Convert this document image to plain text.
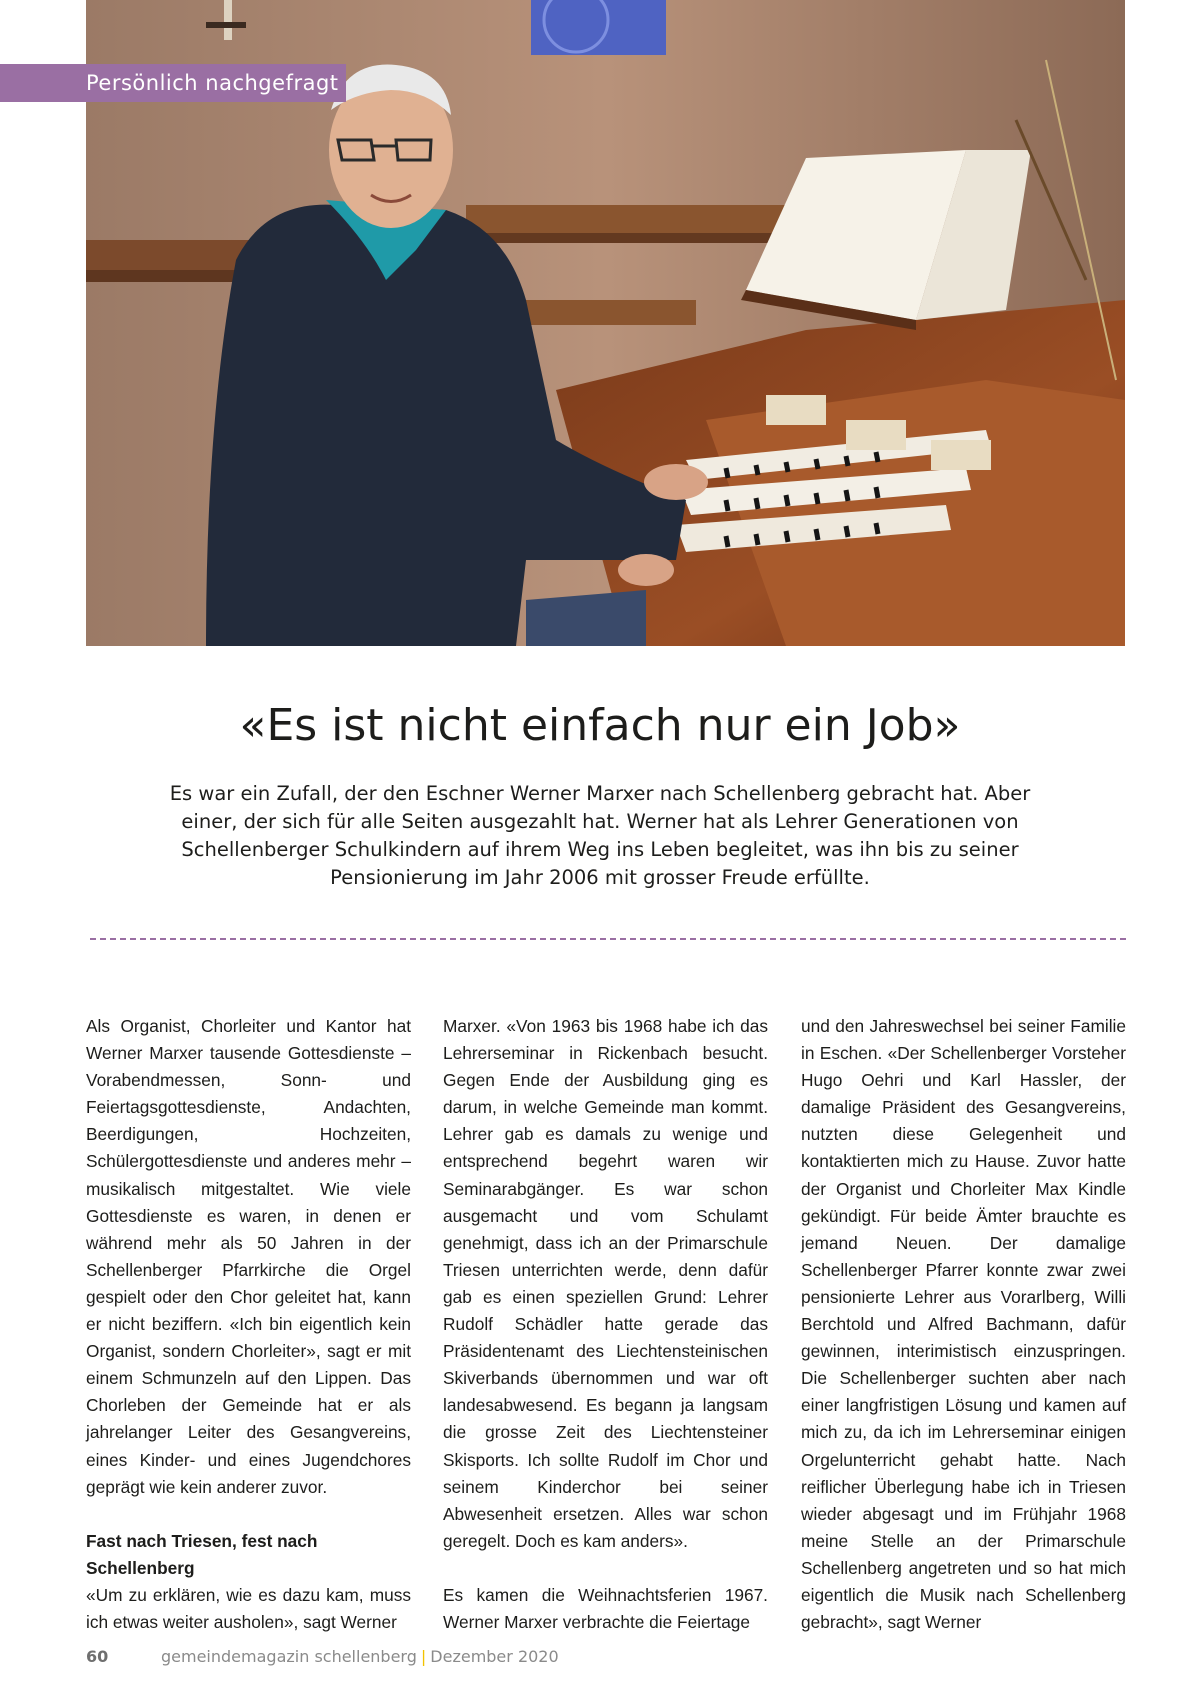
Persönlich nachgefragt
«Es ist nicht einfach nur ein Job»

Es war ein Zufall, der den Eschner Werner Marxer nach Schellenberg gebracht hat. Aber einer, der sich für alle Seiten ausgezahlt hat. Werner hat als Lehrer Generationen von Schellenberger Schulkindern auf ihrem Weg ins Leben begleitet, was ihn bis zu seiner Pensionierung im Jahr 2006 mit grosser Freude erfüllte.

Als Organist, Chorleiter und Kantor hat Werner Marxer tausende Gottesdienste – Vorabendmessen, Sonn- und Feiertagsgottesdienste, Andachten, Beerdigungen, Hochzeiten, Schülergottesdienste und anderes mehr – musikalisch mitgestaltet. Wie viele Gottesdienste es waren, in denen er während mehr als 50 Jahren in der Schellenberger Pfarrkirche die Orgel gespielt oder den Chor geleitet hat, kann er nicht beziffern. «Ich bin eigentlich kein Organist, sondern Chorleiter», sagt er mit einem Schmunzeln auf den Lippen. Das Chorleben der Gemeinde hat er als jahrelanger Leiter des Gesangvereins, eines Kinder- und eines Jugendchores geprägt wie kein anderer zuvor.

Fast nach Triesen, fest nach Schellenberg

«Um zu erklären, wie es dazu kam, muss ich etwas weiter ausholen», sagt Werner

Marxer. «Von 1963 bis 1968 habe ich das Lehrerseminar in Rickenbach besucht. Gegen Ende der Ausbildung ging es darum, in welche Gemeinde man kommt. Lehrer gab es damals zu wenige und entsprechend begehrt waren wir Seminarabgänger. Es war schon ausgemacht und vom Schulamt genehmigt, dass ich an der Primarschule Triesen unterrichten werde, denn dafür gab es einen speziellen Grund: Lehrer Rudolf Schädler hatte gerade das Präsidentenamt des Liechtensteinischen Skiverbands übernommen und war oft landesabwesend. Es begann ja langsam die grosse Zeit des Liechtensteiner Skisports. Ich sollte Rudolf im Chor und seinem Kinderchor bei seiner Abwesenheit ersetzen. Alles war schon geregelt. Doch es kam anders».

Es kamen die Weihnachtsferien 1967. Werner Marxer verbrachte die Feiertage

und den Jahreswechsel bei seiner Familie in Eschen. «Der Schellenberger Vorsteher Hugo Oehri und Karl Hassler, der damalige Präsident des Gesangvereins, nutzten diese Gelegenheit und kontaktierten mich zu Hause. Zuvor hatte der Organist und Chorleiter Max Kindle gekündigt. Für beide Ämter brauchte es jemand Neuen. Der damalige Schellenberger Pfarrer konnte zwar zwei pensionierte Lehrer aus Vorarlberg, Willi Berchtold und Alfred Bachmann, dafür gewinnen, interimistisch einzuspringen. Die Schellenberger suchten aber nach einer langfristigen Lösung und kamen auf mich zu, da ich im Lehrerseminar einigen Orgelunterricht gehabt hatte. Nach reiflicher Überlegung habe ich in Triesen wieder abgesagt und im Frühjahr 1968 meine Stelle an der Primarschule Schellenberg angetreten und so hat mich eigentlich die Musik nach Schellenberg gebracht», sagt Werner

60	gemeindemagazin schellenberg | Dezember 2020
